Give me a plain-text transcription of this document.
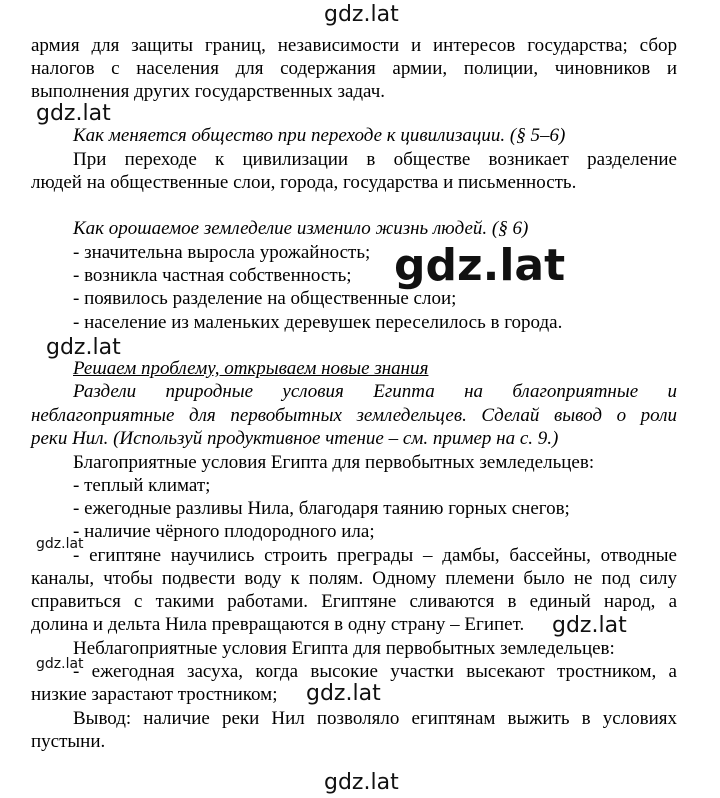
gdz.lat
gdz.lat
gdz.lat
gdz.lat
gdz.lat
gdz.lat
gdz.lat
gdz.lat
gdz.lat
армия для защиты границ, независимости и интересов государства; сбор
налогов с населения для содержания армии, полиции, чиновников и
выполнения других государственных задач.
Как меняется общество при переходе к цивилизации. (§ 5–6)
При переходе к цивилизации в обществе возникает разделение
людей на общественные слои, города, государства и письменность.
Как орошаемое земледелие изменило жизнь людей. (§ 6)
- значительна выросла урожайность;
- возникла частная собственность;
- появилось разделение на общественные слои;
- население из маленьких деревушек переселилось в города.
Решаем проблему, открываем новые знания
Раздели природные условия Египта на благоприятные и
неблагоприятные для первобытных земледельцев. Сделай вывод о роли
реки Нил. (Используй продуктивное чтение – см. пример на с. 9.)
Благоприятные условия Египта для первобытных земледельцев:
- теплый климат;
- ежегодные разливы Нила, благодаря таянию горных снегов;
- наличие чёрного плодородного ила;
- египтяне научились строить преграды – дамбы, бассейны, отводные
каналы, чтобы подвести воду к полям. Одному племени было не под силу
справиться с такими работами. Египтяне сливаются в единый народ, а
долина и дельта Нила превращаются в одну страну – Египет.
Неблагоприятные условия Египта для первобытных земледельцев:
- ежегодная засуха, когда высокие участки высекают тростником, а
низкие зарастают тростником;
Вывод: наличие реки Нил позволяло египтянам выжить в условиях
пустыни.
